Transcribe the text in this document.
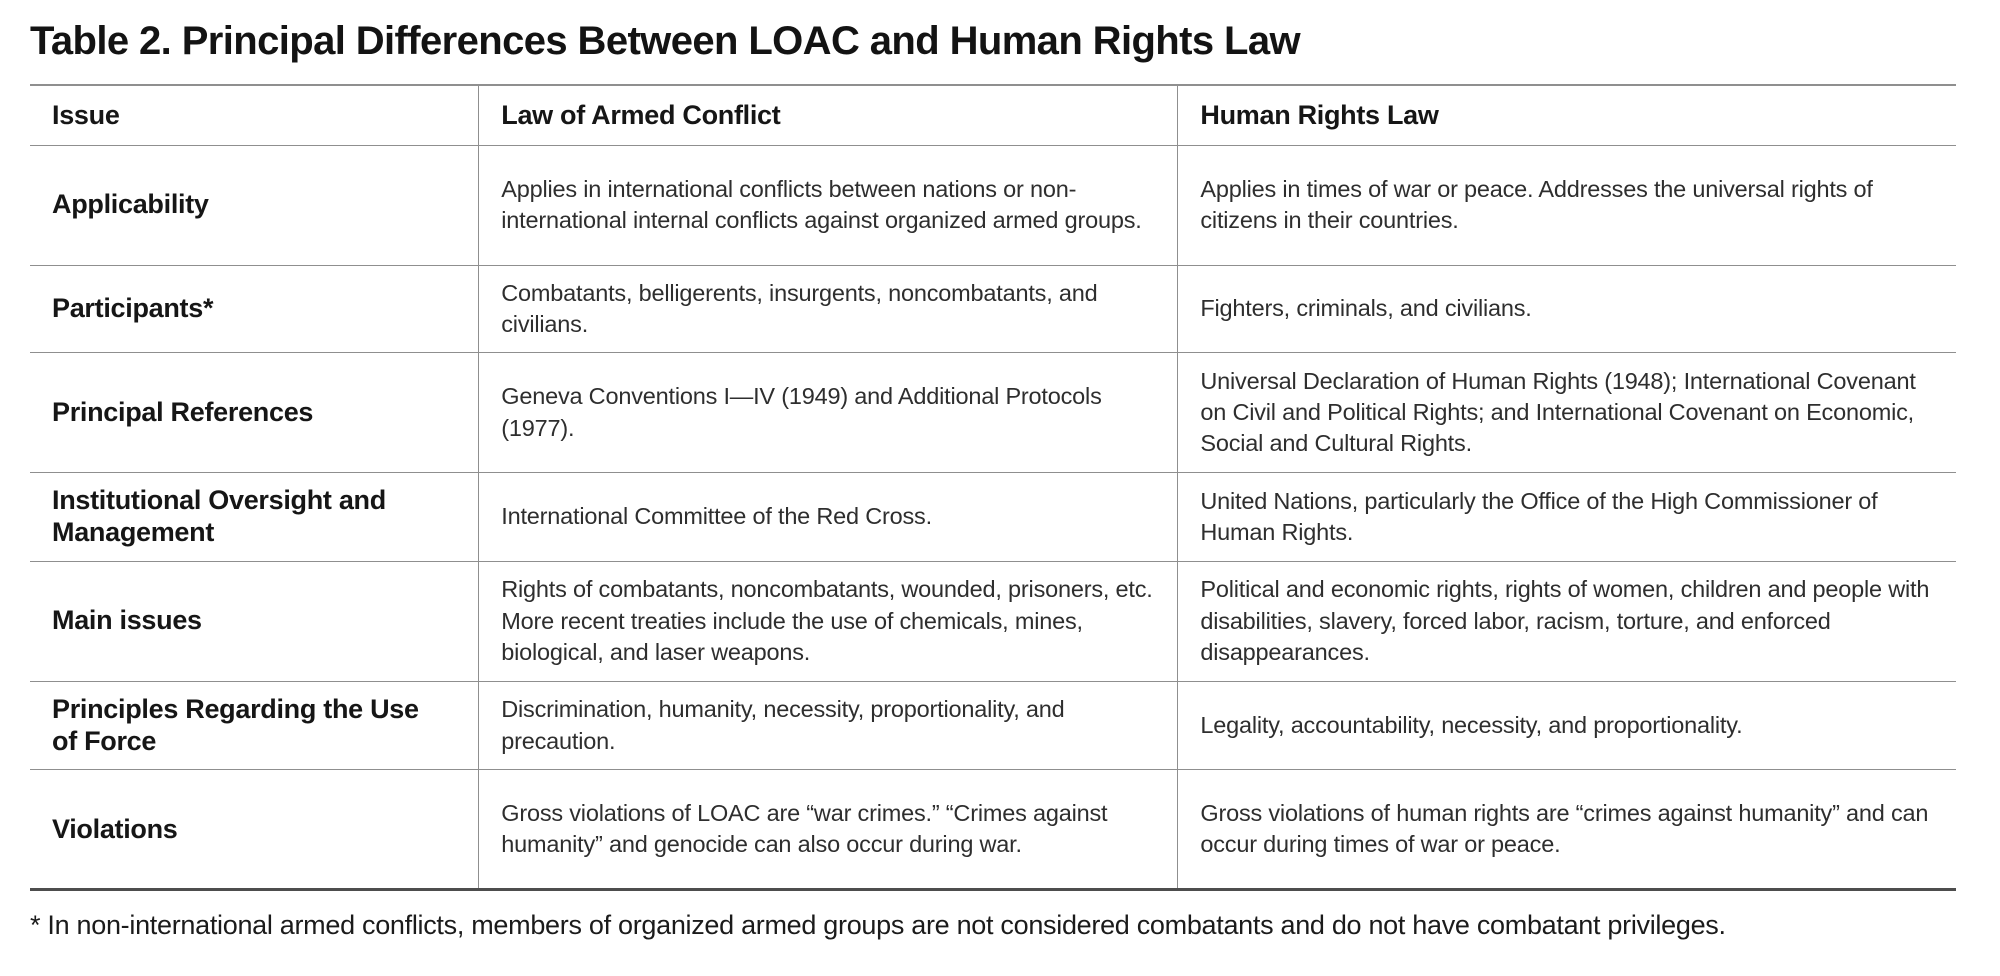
Table 2. Principal Differences Between LOAC and Human Rights Law
Issue	Law of Armed Conflict	Human Rights Law
Applicability	Applies in international conflicts between nations or non-international internal conflicts against organized armed groups.	Applies in times of war or peace. Addresses the universal rights of citizens in their countries.
Participants*	Combatants, belligerents, insurgents, noncombatants, and civilians.	Fighters, criminals, and civilians.
Principal References	Geneva Conventions I—IV (1949) and Additional Protocols (1977).	Universal Declaration of Human Rights (1948); International Covenant on Civil and Political Rights; and International Covenant on Economic, Social and Cultural Rights.
Institutional Oversight and Management	International Committee of the Red Cross.	United Nations, particularly the Office of the High Commissioner of Human Rights.
Main issues	Rights of combatants, noncombatants, wounded, prisoners, etc. More recent treaties include the use of chemicals, mines, biological, and laser weapons.	Political and economic rights, rights of women, children and people with disabilities, slavery, forced labor, racism, torture, and enforced disappearances.
Principles Regarding the Use of Force	Discrimination, humanity, necessity, proportionality, and precaution.	Legality, accountability, necessity, and proportionality.
Violations	Gross violations of LOAC are “war crimes.” “Crimes against humanity” and genocide can also occur during war.	Gross violations of human rights are “crimes against humanity” and can occur during times of war or peace.

* In non-international armed conflicts, members of organized armed groups are not considered combatants and do not have combatant privileges.
